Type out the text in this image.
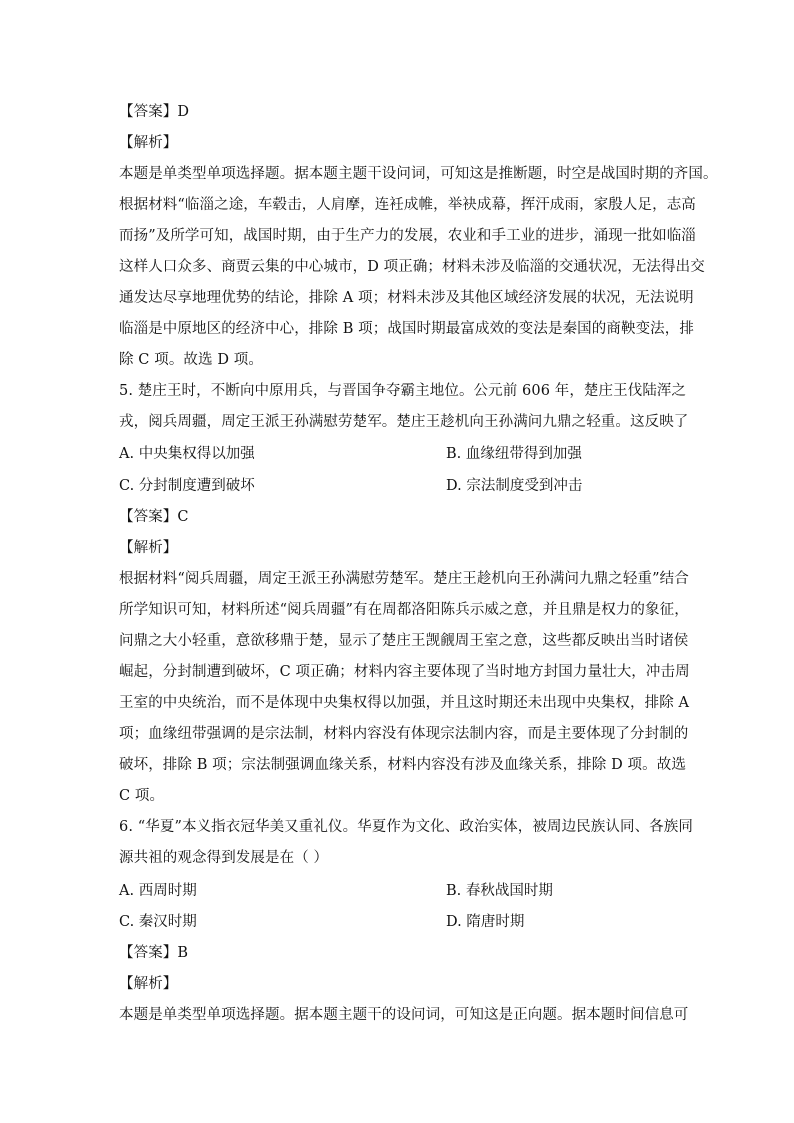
【答案】D
【解析】
本题是单类型单项选择题。据本题主题干设问词，可知这是推断题，时空是战国时期的齐国。
根据材料“临淄之途，车毂击，人肩摩，连衽成帷，举袂成幕，挥汗成雨，家殷人足，志高
而扬”及所学可知，战国时期，由于生产力的发展，农业和手工业的进步，涌现一批如临淄
这样人口众多、商贾云集的中心城市，D 项正确；材料未涉及临淄的交通状况，无法得出交
通发达尽享地理优势的结论，排除 A 项；材料未涉及其他区域经济发展的状况，无法说明
临淄是中原地区的经济中心，排除 B 项；战国时期最富成效的变法是秦国的商鞅变法，排
除 C 项。故选 D 项。
5. 楚庄王时，不断向中原用兵，与晋国争夺霸主地位。公元前 606 年，楚庄王伐陆浑之
戎，阅兵周疆，周定王派王孙满慰劳楚军。楚庄王趁机向王孙满问九鼎之轻重。这反映了
A. 中央集权得以加强	B. 血缘纽带得到加强
C. 分封制度遭到破坏	D. 宗法制度受到冲击
【答案】C
【解析】
根据材料“阅兵周疆，周定王派王孙满慰劳楚军。楚庄王趁机向王孙满问九鼎之轻重”结合
所学知识可知，材料所述“阅兵周疆”有在周都洛阳陈兵示威之意，并且鼎是权力的象征，
问鼎之大小轻重，意欲移鼎于楚，显示了楚庄王觊觎周王室之意，这些都反映出当时诸侯
崛起，分封制遭到破坏，C 项正确；材料内容主要体现了当时地方封国力量壮大，冲击周
王室的中央统治，而不是体现中央集权得以加强，并且这时期还未出现中央集权，排除 A
项；血缘纽带强调的是宗法制，材料内容没有体现宗法制内容，而是主要体现了分封制的
破坏，排除 B 项；宗法制强调血缘关系，材料内容没有涉及血缘关系，排除 D 项。故选
C 项。
6. “华夏”本义指衣冠华美又重礼仪。华夏作为文化、政治实体，被周边民族认同、各族同
源共祖的观念得到发展是在（ ）
A. 西周时期	B. 春秋战国时期
C. 秦汉时期	D. 隋唐时期
【答案】B
【解析】
本题是单类型单项选择题。据本题主题干的设问词，可知这是正向题。据本题时间信息可
